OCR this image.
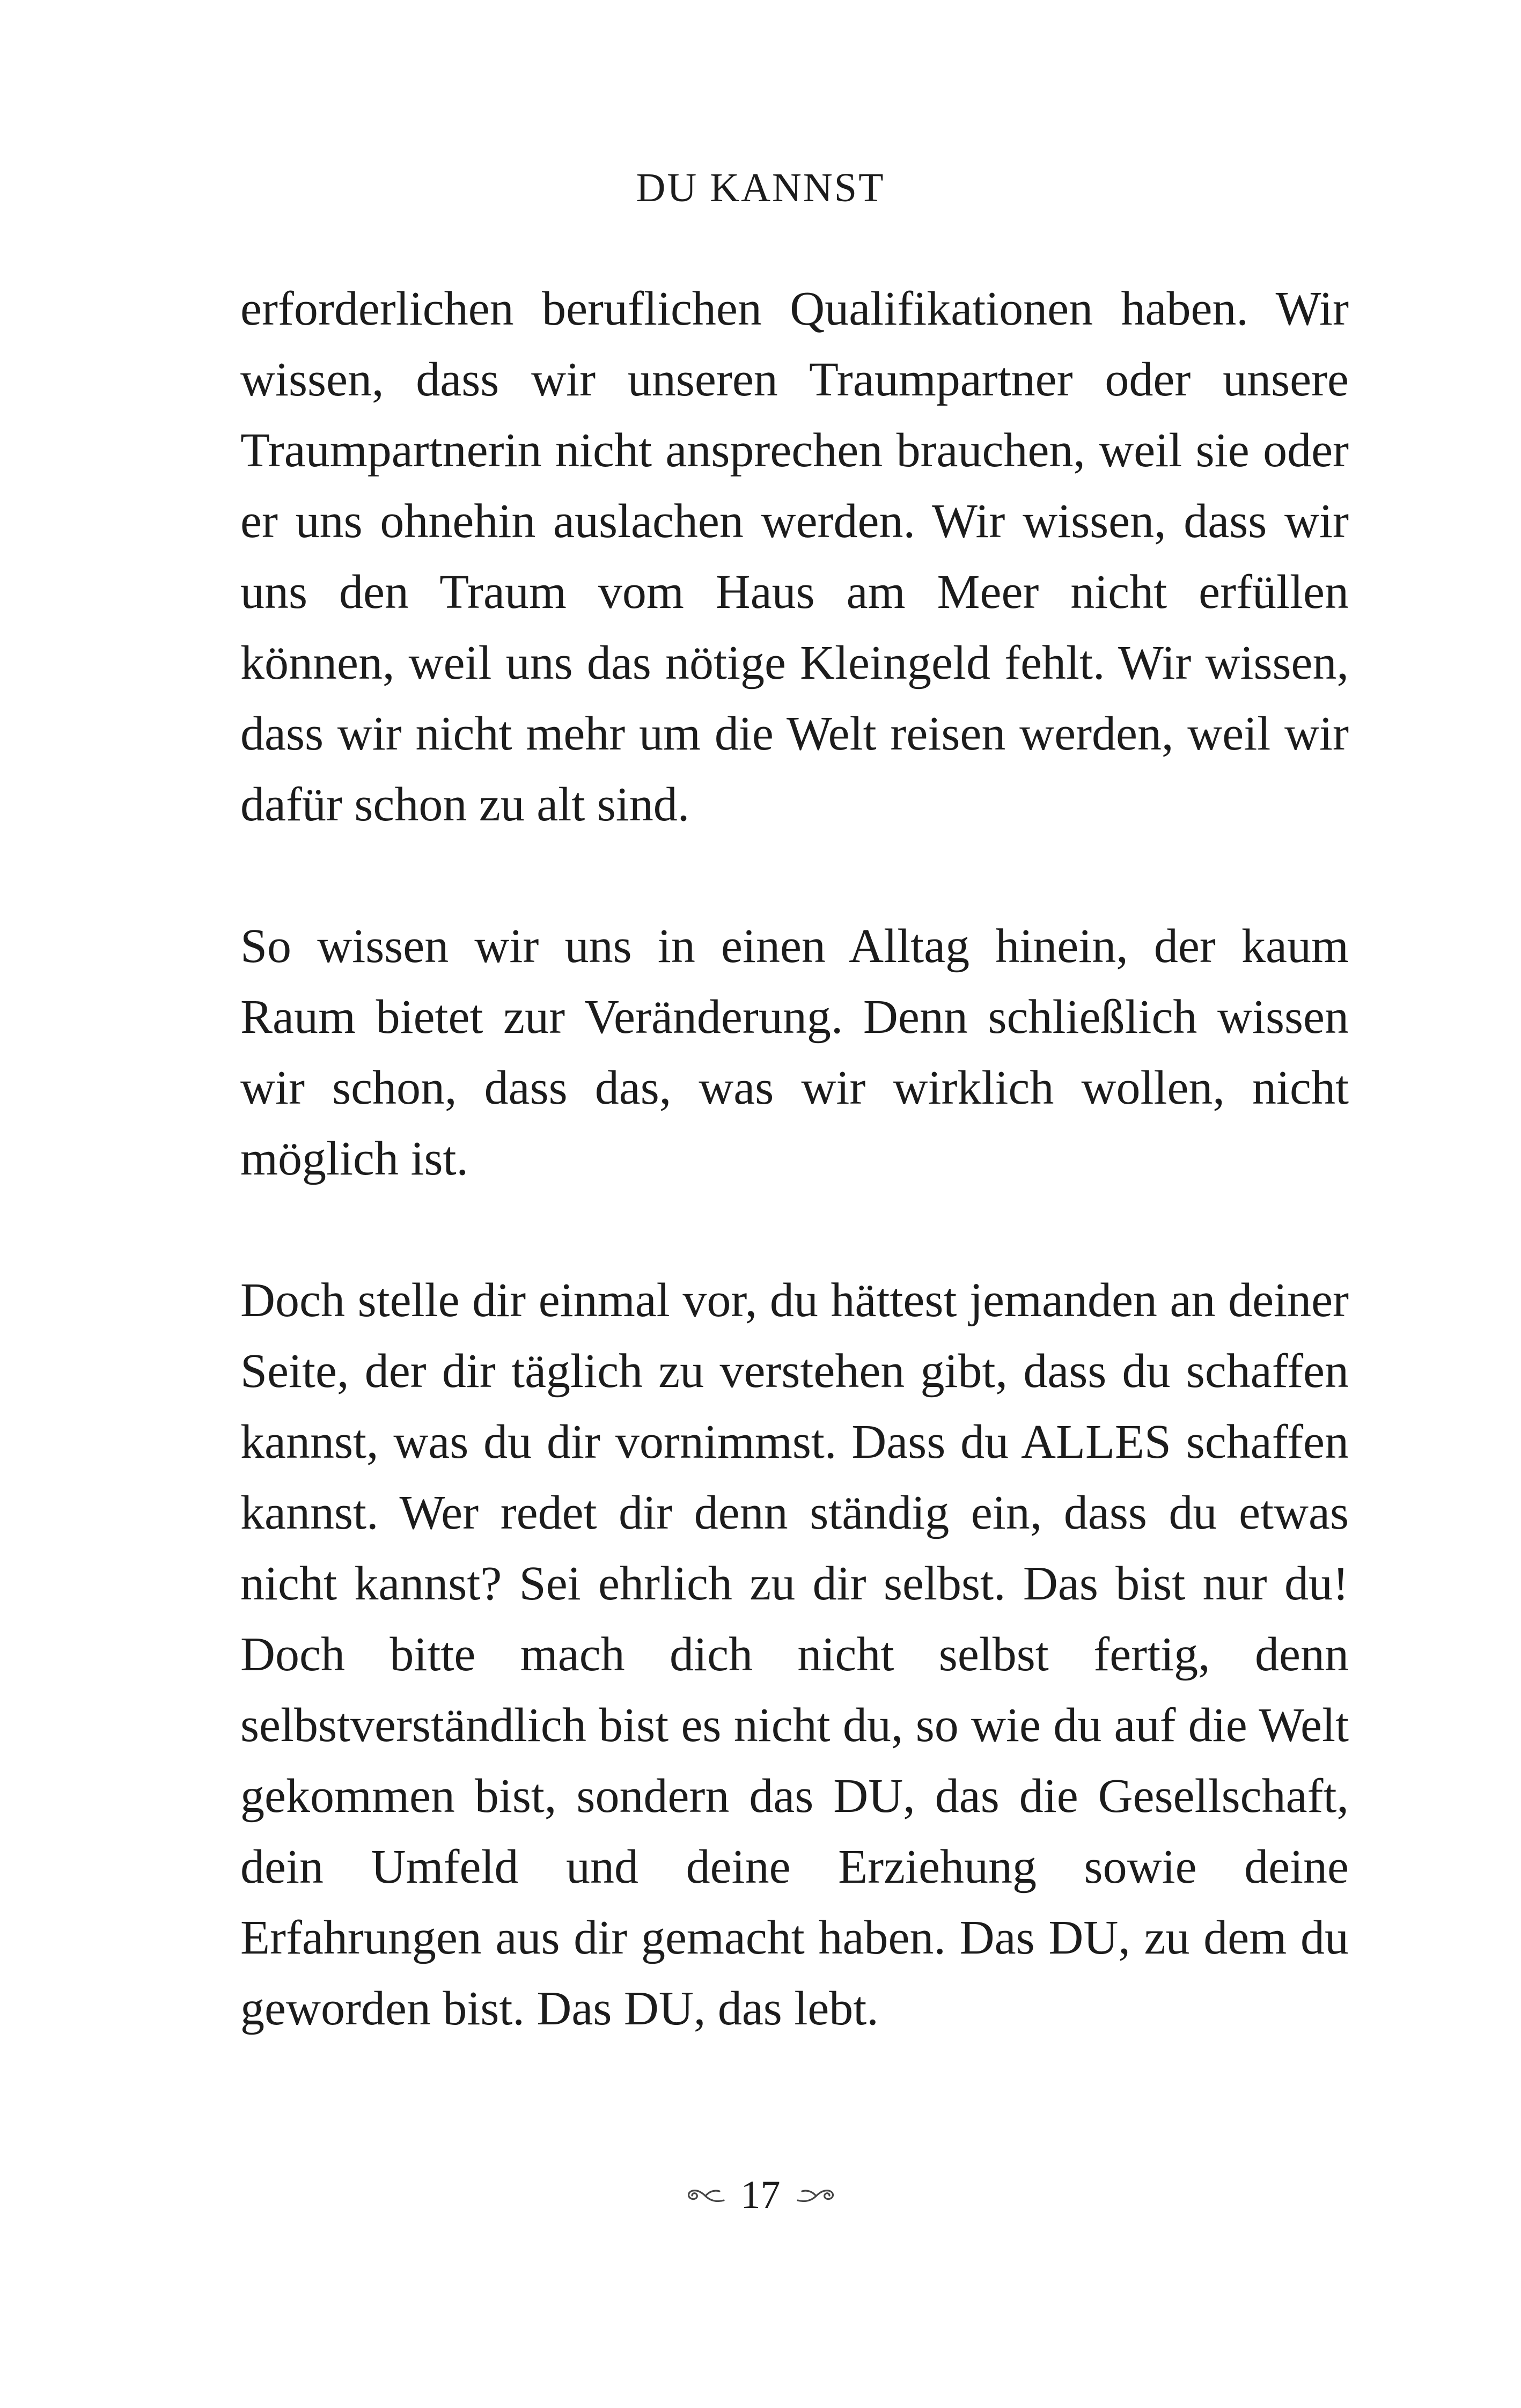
DU KANNST

erforderlichen beruflichen Qualifikationen haben. Wir wissen, dass wir unseren Traumpartner oder unsere Traumpartnerin nicht ansprechen brauchen, weil sie oder er uns ohnehin auslachen werden. Wir wissen, dass wir uns den Traum vom Haus am Meer nicht erfüllen können, weil uns das nötige Kleingeld fehlt. Wir wissen, dass wir nicht mehr um die Welt reisen werden, weil wir dafür schon zu alt sind.

So wissen wir uns in einen Alltag hinein, der kaum Raum bietet zur Veränderung. Denn schließlich wissen wir schon, dass das, was wir wirklich wollen, nicht möglich ist.

Doch stelle dir einmal vor, du hättest jemanden an deiner Seite, der dir täglich zu verstehen gibt, dass du schaffen kannst, was du dir vornimmst. Dass du ALLES schaffen kannst. Wer redet dir denn ständig ein, dass du etwas nicht kannst? Sei ehrlich zu dir selbst. Das bist nur du! Doch bitte mach dich nicht selbst fertig, denn selbstverständlich bist es nicht du, so wie du auf die Welt gekommen bist, sondern das DU, das die Gesellschaft, dein Umfeld und deine Erziehung sowie deine Erfahrungen aus dir gemacht haben. Das DU, zu dem du geworden bist. Das DU, das lebt.

17
